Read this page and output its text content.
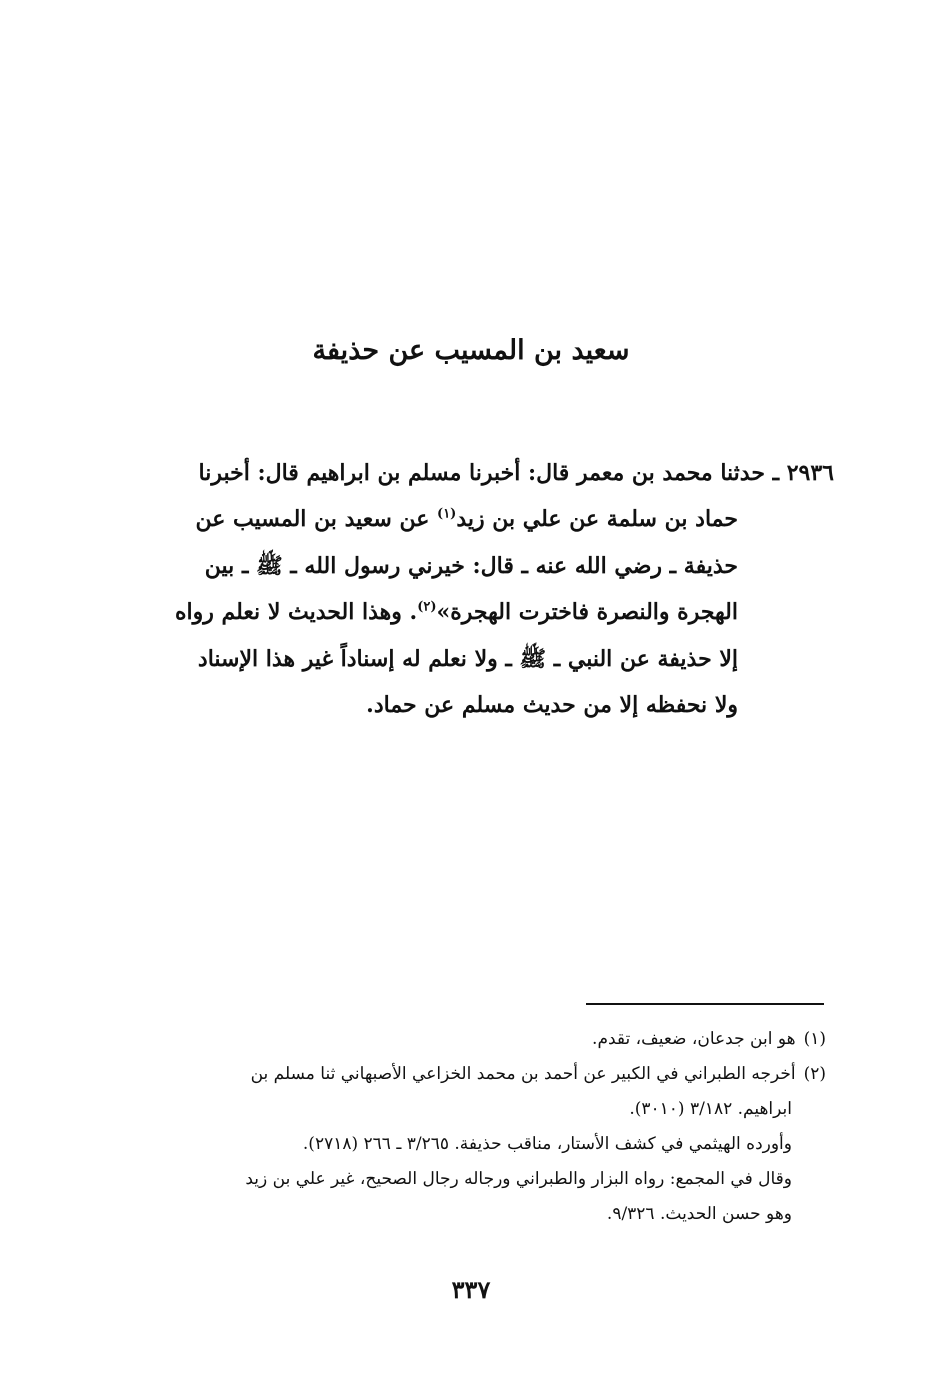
سعيد بن المسيب عن حذيفة
٢٩٣٦ ـ حدثنا محمد بن معمر قال: أخبرنا مسلم بن ابراهيم قال: أخبرنا
حماد بن سلمة عن علي بن زيد$^{(١)}$ عن سعيد بن المسيب عن
حذيفة ـ رضي الله عنه ـ قال: خيرني رسول الله ـ ﷺ ـ بين
الهجرة والنصرة فاخترت الهجرة»$^{(٢)}$. وهذا الحديث لا نعلم رواه
إلا حذيفة عن النبي ـ ﷺ ـ ولا نعلم له إسناداً غير هذا الإسناد
ولا نحفظه إلا من حديث مسلم عن حماد.
(١)هو ابن جدعان، ضعيف، تقدم.
(٢)أخرجه الطبراني في الكبير عن أحمد بن محمد الخزاعي الأصبهاني ثنا مسلم بن
ابراهيم. ٣/١٨٢ (٣٠١٠).
وأورده الهيثمي في كشف الأستار، مناقب حذيفة. ٣/٢٦٥ ـ ٢٦٦ (٢٧١٨).
وقال في المجمع: رواه البزار والطبراني ورجاله رجال الصحيح، غير علي بن زيد
وهو حسن الحديث. ٩/٣٢٦.
٣٣٧
